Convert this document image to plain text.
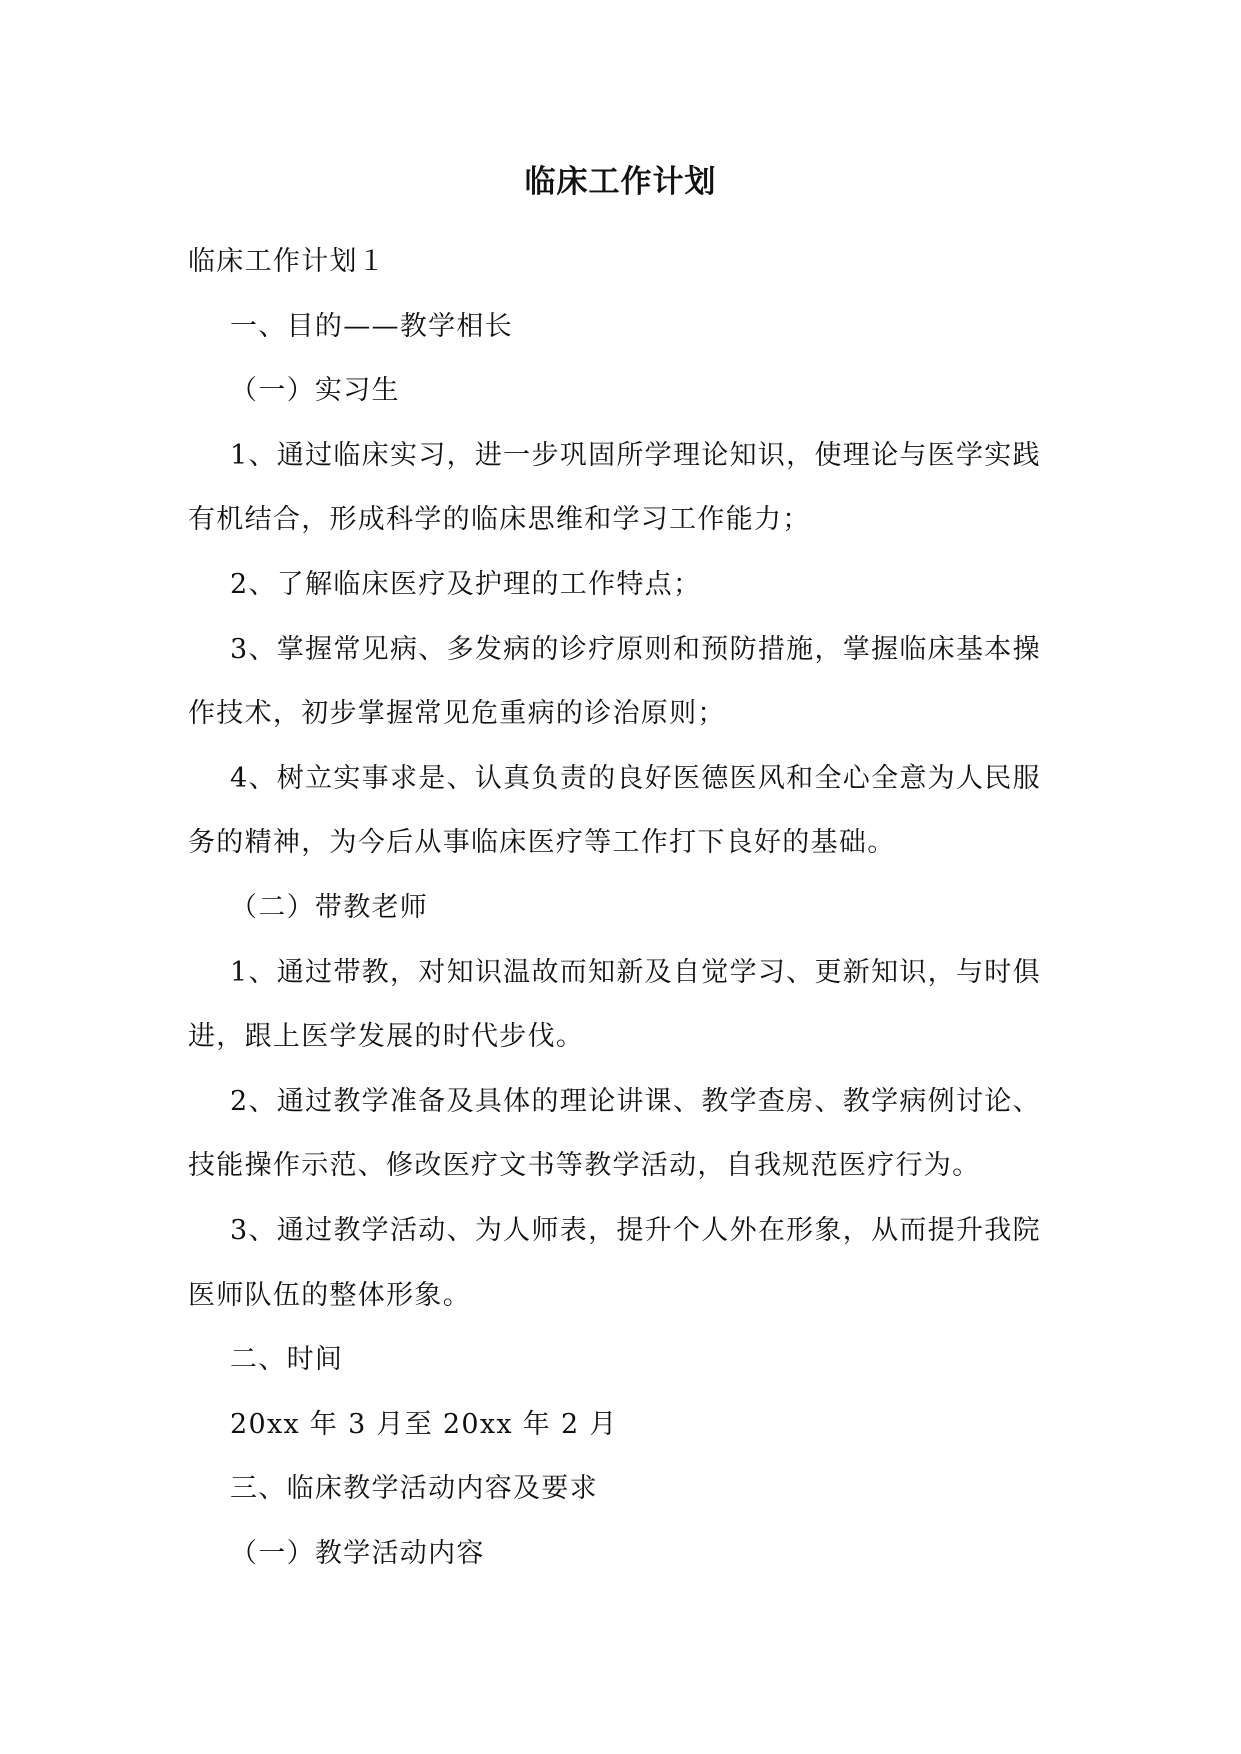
临床工作计划

临床工作计划１

一、目的——教学相长

（一）实习生

1、通过临床实习，进一步巩固所学理论知识，使理论与医学实践

有机结合，形成科学的临床思维和学习工作能力；

2、了解临床医疗及护理的工作特点；

3、掌握常见病、多发病的诊疗原则和预防措施，掌握临床基本操

作技术，初步掌握常见危重病的诊治原则；

4、树立实事求是、认真负责的良好医德医风和全心全意为人民服

务的精神，为今后从事临床医疗等工作打下良好的基础。

（二）带教老师

1、通过带教，对知识温故而知新及自觉学习、更新知识，与时俱

进，跟上医学发展的时代步伐。

2、通过教学准备及具体的理论讲课、教学查房、教学病例讨论、

技能操作示范、修改医疗文书等教学活动，自我规范医疗行为。

3、通过教学活动、为人师表，提升个人外在形象，从而提升我院

医师队伍的整体形象。

二、时间

20xx 年 3 月至 20xx 年 2 月

三、临床教学活动内容及要求

（一）教学活动内容
